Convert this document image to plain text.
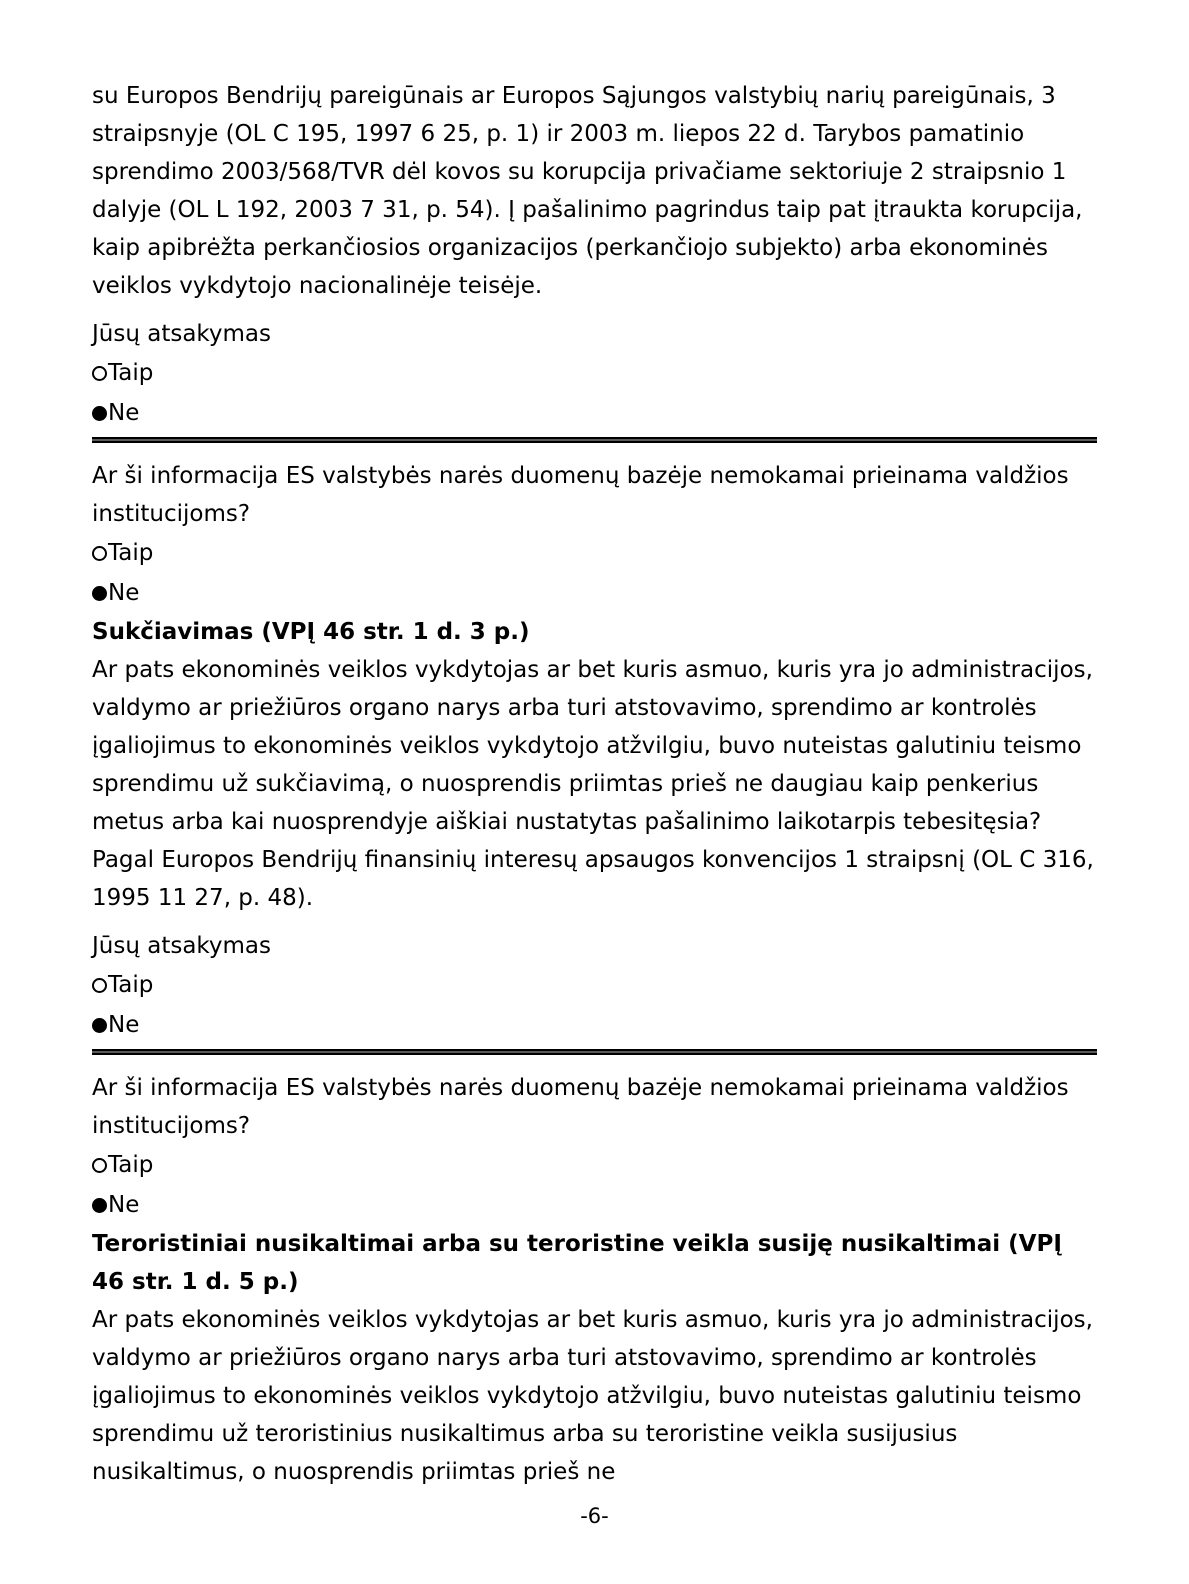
su Europos Bendrijų pareigūnais ar Europos Sąjungos valstybių narių pareigūnais, 3 straipsnyje (OL C 195, 1997 6 25, p. 1) ir 2003 m. liepos 22 d. Tarybos pamatinio sprendimo 2003/568/TVR dėl kovos su korupcija privačiame sektoriuje 2 straipsnio 1 dalyje (OL L 192, 2003 7 31, p. 54). Į pašalinimo pagrindus taip pat įtraukta korupcija, kaip apibrėžta perkančiosios organizacijos (perkančiojo subjekto) arba ekonominės veiklos vykdytojo nacionalinėje teisėje.

Jūsų atsakymas
Taip
Ne

Ar ši informacija ES valstybės narės duomenų bazėje nemokamai prieinama valdžios institucijoms?

Taip
Ne
Sukčiavimas (VPĮ 46 str. 1 d. 3 p.)

Ar pats ekonominės veiklos vykdytojas ar bet kuris asmuo, kuris yra jo administracijos, valdymo ar priežiūros organo narys arba turi atstovavimo, sprendimo ar kontrolės įgaliojimus to ekonominės veiklos vykdytojo atžvilgiu, buvo nuteistas galutiniu teismo sprendimu už sukčiavimą, o nuosprendis priimtas prieš ne daugiau kaip penkerius metus arba kai nuosprendyje aiškiai nustatytas pašalinimo laikotarpis tebesitęsia? Pagal Europos Bendrijų finansinių interesų apsaugos konvencijos 1 straipsnį (OL C 316, 1995 11 27, p. 48).

Jūsų atsakymas
Taip
Ne

Ar ši informacija ES valstybės narės duomenų bazėje nemokamai prieinama valdžios institucijoms?

Taip
Ne
Teroristiniai nusikaltimai arba su teroristine veikla susiję nusikaltimai (VPĮ 46 str. 1 d. 5 p.)

Ar pats ekonominės veiklos vykdytojas ar bet kuris asmuo, kuris yra jo administracijos, valdymo ar priežiūros organo narys arba turi atstovavimo, sprendimo ar kontrolės įgaliojimus to ekonominės veiklos vykdytojo atžvilgiu, buvo nuteistas galutiniu teismo sprendimu už teroristinius nusikaltimus arba su teroristine veikla susijusius nusikaltimus, o nuosprendis priimtas prieš ne

-6-
